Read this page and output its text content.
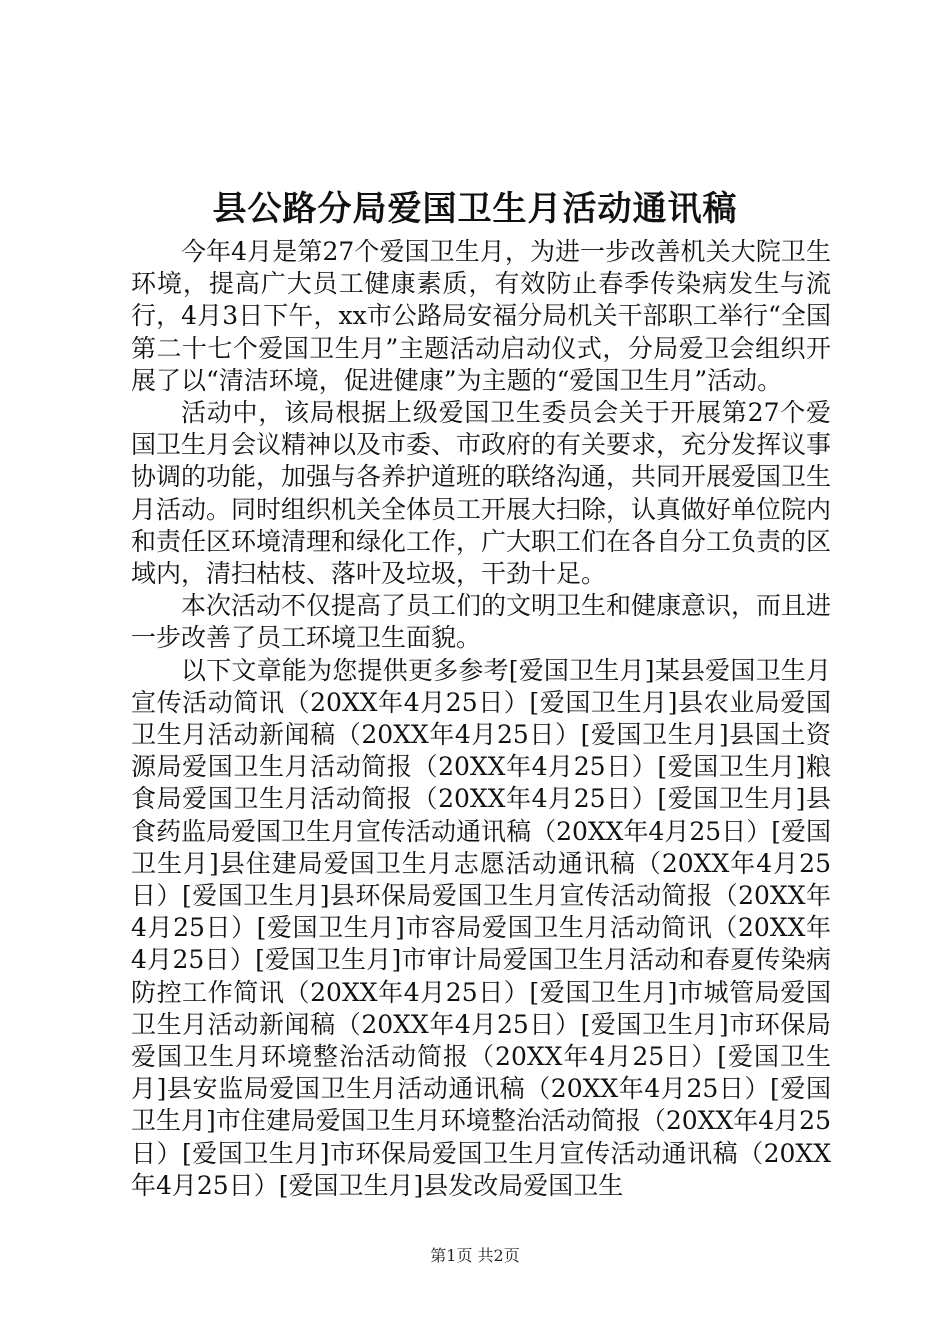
县公路分局爱国卫生月活动通讯稿

今年4月是第27个爱国卫生月，为进一步改善机关大院卫生环境，提高广大员工健康素质，有效防止春季传染病发生与流行，4月3日下午，xx市公路局安福分局机关干部职工举行“全国第二十七个爱国卫生月”主题活动启动仪式，分局爱卫会组织开展了以“清洁环境，促进健康”为主题的“爱国卫生月”活动。

活动中，该局根据上级爱国卫生委员会关于开展第27个爱国卫生月会议精神以及市委、市政府的有关要求，充分发挥议事协调的功能，加强与各养护道班的联络沟通，共同开展爱国卫生月活动。同时组织机关全体员工开展大扫除，认真做好单位院内和责任区环境清理和绿化工作，广大职工们在各自分工负责的区域内，清扫枯枝、落叶及垃圾，干劲十足。

本次活动不仅提高了员工们的文明卫生和健康意识，而且进一步改善了员工环境卫生面貌。

以下文章能为您提供更多参考[爱国卫生月]某县爱国卫生月宣传活动简讯（20XX年4月25日）[爱国卫生月]县农业局爱国卫生月活动新闻稿（20XX年4月25日）[爱国卫生月]县国土资源局爱国卫生月活动简报（20XX年4月25日）[爱国卫生月]粮食局爱国卫生月活动简报（20XX年4月25日）[爱国卫生月]县食药监局爱国卫生月宣传活动通讯稿（20XX年4月25日）[爱国卫生月]县住建局爱国卫生月志愿活动通讯稿（20XX年4月25日）[爱国卫生月]县环保局爱国卫生月宣传活动简报（20XX年4月25日）[爱国卫生月]市容局爱国卫生月活动简讯（20XX年4月25日）[爱国卫生月]市审计局爱国卫生月活动和春夏传染病防控工作简讯（20XX年4月25日）[爱国卫生月]市城管局爱国卫生月活动新闻稿（20XX年4月25日）[爱国卫生月]市环保局爱国卫生月环境整治活动简报（20XX年4月25日）[爱国卫生月]县安监局爱国卫生月活动通讯稿（20XX年4月25日）[爱国卫生月]市住建局爱国卫生月环境整治活动简报（20XX年4月25日）[爱国卫生月]市环保局爱国卫生月宣传活动通讯稿（20XX年4月25日）[爱国卫生月]县发改局爱国卫生

第1页 共2页
